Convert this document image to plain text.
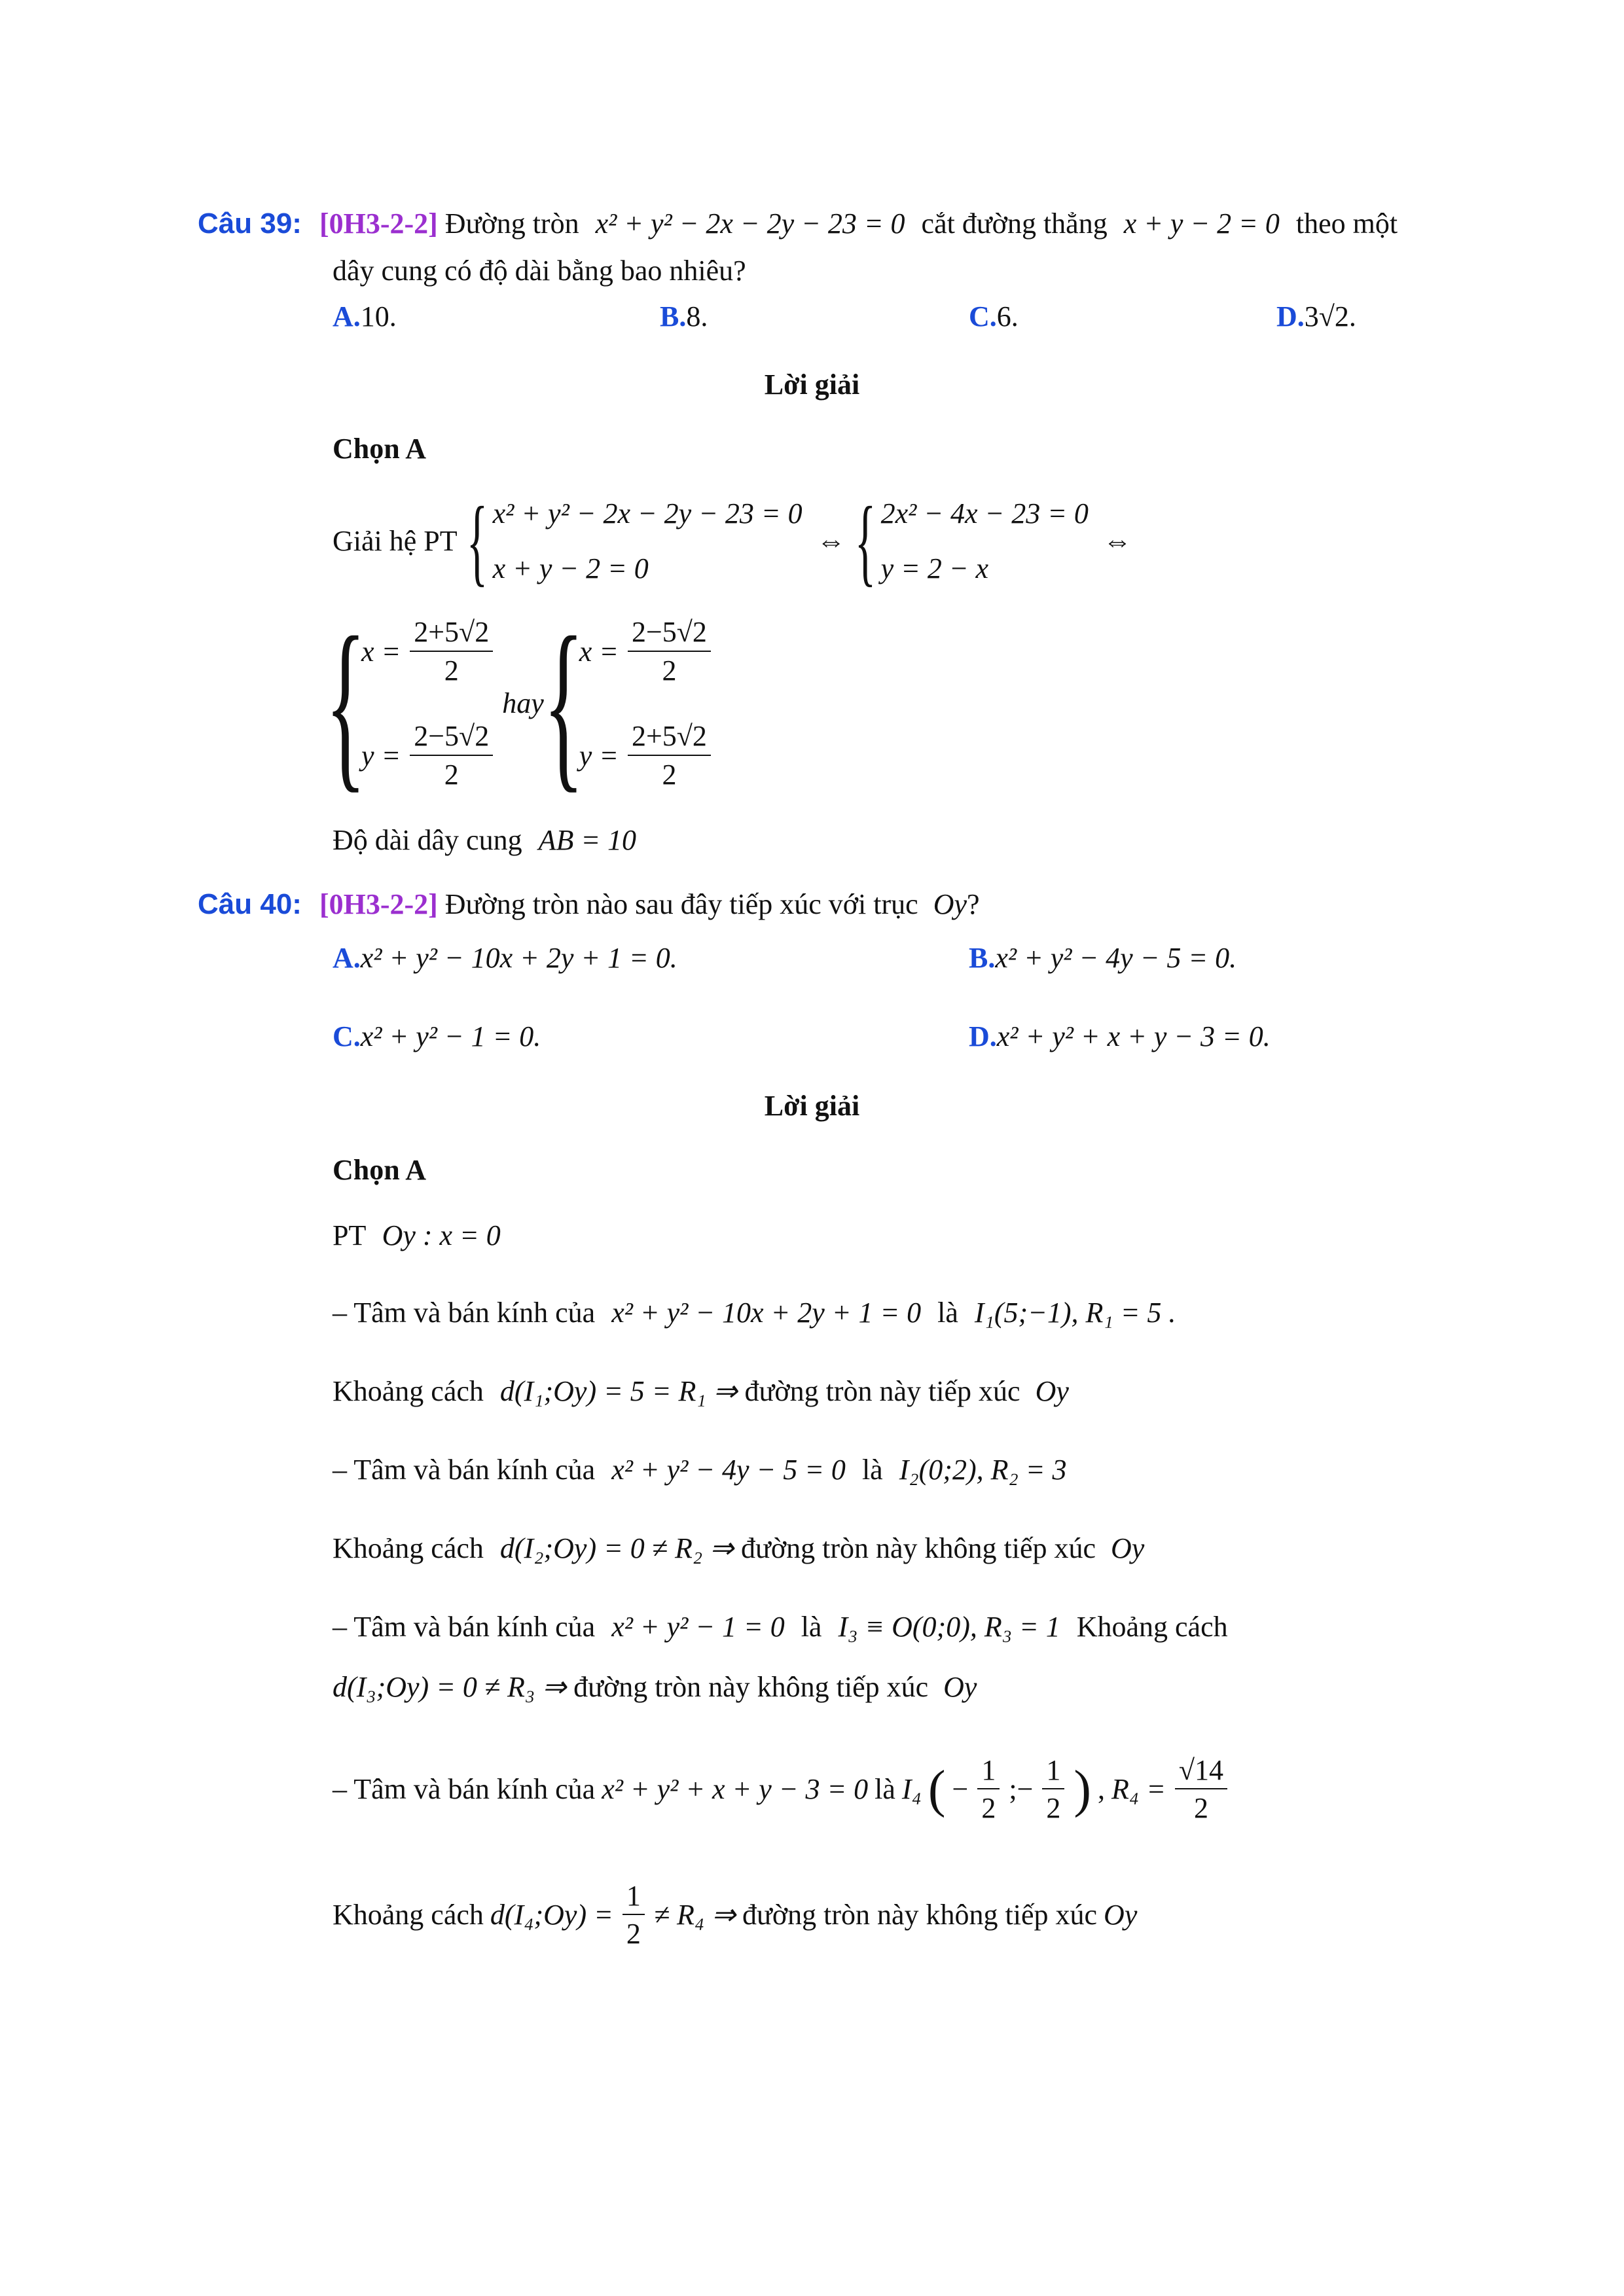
Câu 39: [0H3-2-2] Đường tròn x² + y² − 2x − 2y − 23 = 0 cắt đường thẳng x + y − 2 = 0 theo một
dây cung có độ dài bằng bao nhiêu?
A.10.	B.8.	C.6.	D.3√2.
Lời giải
Chọn A
Giải hệ PT { x² + y² − 2x − 2y − 23 = 0
x + y − 2 = 0
⇔ { 2x² − 4x − 23 = 0
y = 2 − x
⇔
{
$x = \frac{2+5√2}{2}$
$y = \frac{2-5√2}{2}$
hay
{
$x = \frac{2-5√2}{2}$
$y = \frac{2+5√2}{2}$
Độ dài dây cung AB = 10
Câu 40: [0H3-2-2] Đường tròn nào sau đây tiếp xúc với trục Oy?
A.x² + y² − 10x + 2y + 1 = 0.	B.x² + y² − 4y − 5 = 0.
C.x² + y² − 1 = 0.	D.x² + y² + x + y − 3 = 0.
Lời giải
Chọn A
PT Oy : x = 0
– Tâm và bán kính của x² + y² − 10x + 2y + 1 = 0 là I₁(5;−1), R₁ = 5 .
Khoảng cách d(I₁;Oy) = 5 = R₁ ⇒ đường tròn này tiếp xúc Oy
– Tâm và bán kính của x² + y² − 4y − 5 = 0 là I₂(0;2), R₂ = 3
Khoảng cách d(I₂;Oy) = 0 ≠ R₂ ⇒ đường tròn này không tiếp xúc Oy
– Tâm và bán kính của x² + y² − 1 = 0 là I₃ ≡ O(0;0), R₃ = 1 Khoảng cách
d(I₃;Oy) = 0 ≠ R₃ ⇒ đường tròn này không tiếp xúc Oy
– Tâm và bán kính của x² + y² + x + y − 3 = 0 là I₄ ( − $\frac{1}{2}$ ;− $\frac{1}{2}$ ) , $R_4 = \frac{√14}{2}$
Khoảng cách d(I₄;Oy) = $\frac{1}{2} \ne R_4$ ⇒ đường tròn này không tiếp xúc Oy
